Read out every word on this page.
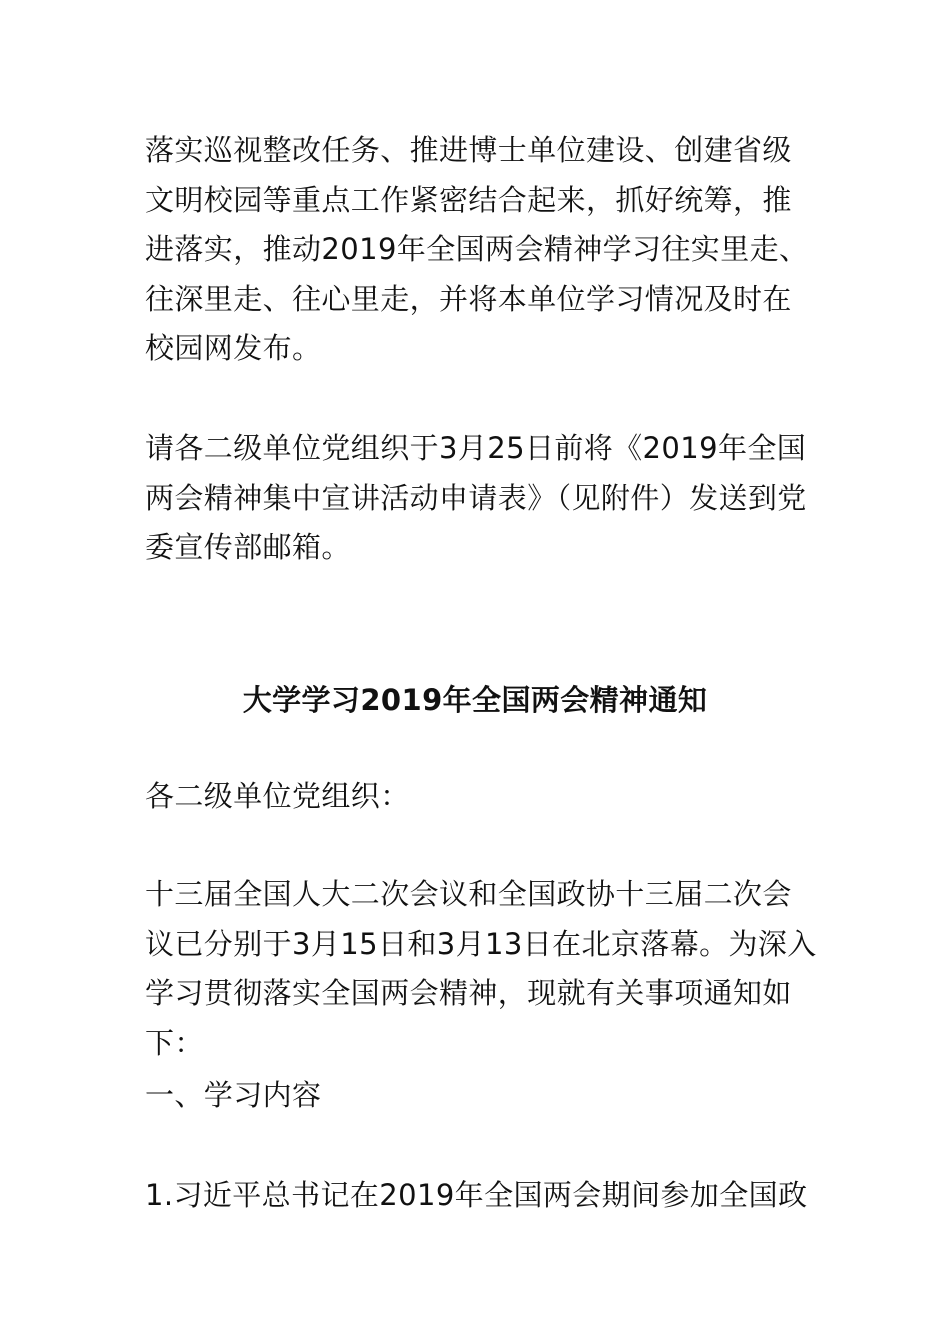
落实巡视整改任务、推进博士单位建设、创建省级文明校园等重点工作紧密结合起来，抓好统筹，推进落实，推动2019年全国两会精神学习往实里走、往深里走、往心里走，并将本单位学习情况及时在校园网发布。

请各二级单位党组织于3月25日前将《2019年全国两会精神集中宣讲活动申请表》（见附件）发送到党委宣传部邮箱。

大学学习2019年全国两会精神通知

各二级单位党组织：

十三届全国人大二次会议和全国政协十三届二次会议已分别于3月15日和3月13日在北京落幕。为深入学习贯彻落实全国两会精神，现就有关事项通知如下：

一、学习内容

1.习近平总书记在2019年全国两会期间参加全国政
